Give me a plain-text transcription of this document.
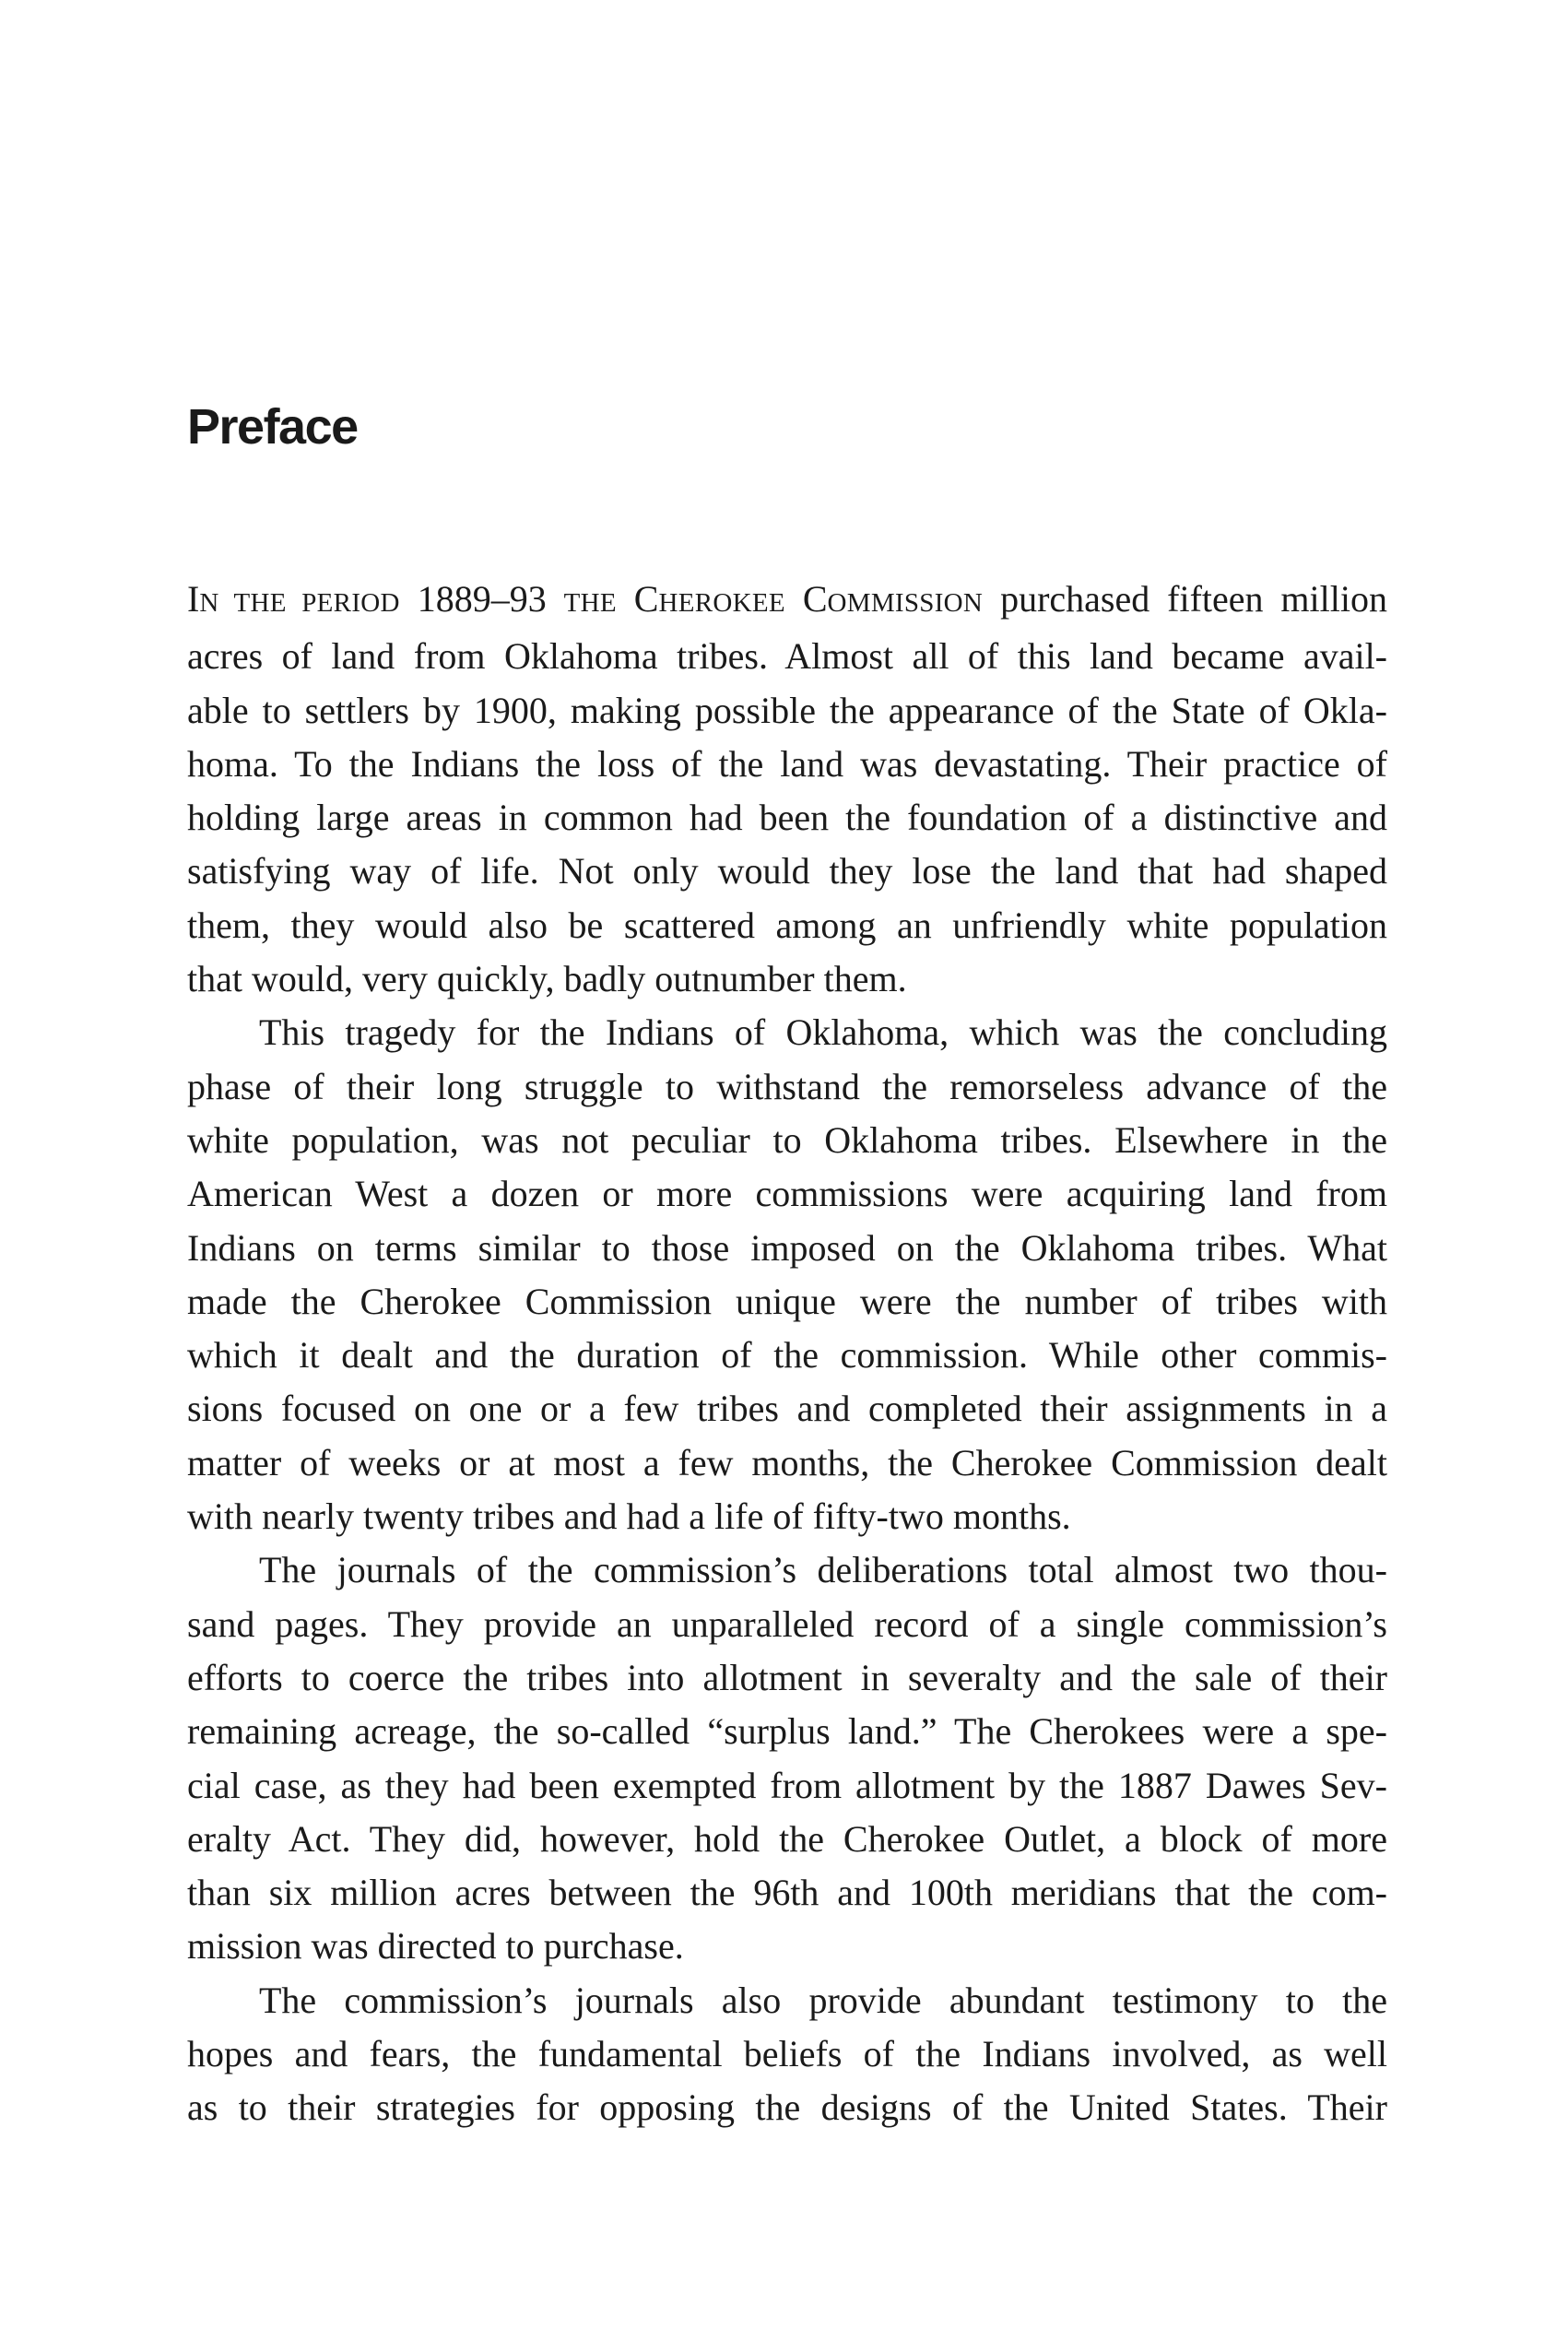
Preface

IN THE PERIOD 1889–93 THE CHEROKEE COMMISSION purchased fifteen million

acres of land from Oklahoma tribes. Almost all of this land became avail-

able to settlers by 1900, making possible the appearance of the State of Okla-

homa. To the Indians the loss of the land was devastating. Their practice of

holding large areas in common had been the foundation of a distinctive and

satisfying way of life. Not only would they lose the land that had shaped

them, they would also be scattered among an unfriendly white population

that would, very quickly, badly outnumber them.

This tragedy for the Indians of Oklahoma, which was the concluding

phase of their long struggle to withstand the remorseless advance of the

white population, was not peculiar to Oklahoma tribes. Elsewhere in the

American West a dozen or more commissions were acquiring land from

Indians on terms similar to those imposed on the Oklahoma tribes. What

made the Cherokee Commission unique were the number of tribes with

which it dealt and the duration of the commission. While other commis-

sions focused on one or a few tribes and completed their assignments in a

matter of weeks or at most a few months, the Cherokee Commission dealt

with nearly twenty tribes and had a life of fifty-two months.

The journals of the commission’s deliberations total almost two thou-

sand pages. They provide an unparalleled record of a single commission’s

efforts to coerce the tribes into allotment in severalty and the sale of their

remaining acreage, the so-called “surplus land.” The Cherokees were a spe-

cial case, as they had been exempted from allotment by the 1887 Dawes Sev-

eralty Act. They did, however, hold the Cherokee Outlet, a block of more

than six million acres between the 96th and 100th meridians that the com-

mission was directed to purchase.

The commission’s journals also provide abundant testimony to the

hopes and fears, the fundamental beliefs of the Indians involved, as well

as to their strategies for opposing the designs of the United States. Their
